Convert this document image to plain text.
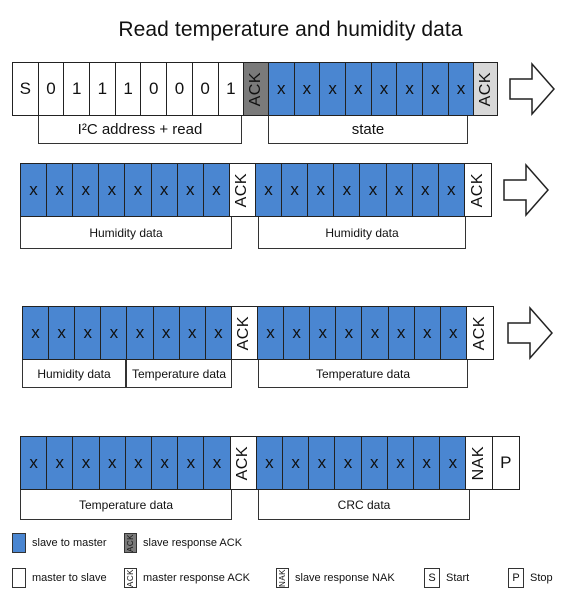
Read temperature and humidity data
S 0 1 1 1 0 0 0 1 ACK x	x	x	x	x	x	x	x ACK
I²C address + read	state
x	x	x	x	x	x	x	x ACK x	x	x	x	x	x	x	x ACK
Humidity data	Humidity data
x	x	x	x	x	x	x	x ACK x	x	x	x	x	x	x	x ACK
Humidity data	Temperature data	Temperature data
x	x	x	x	x	x	x	x ACK x	x	x	x	x	x	x	x NAK P
Temperature data	CRC data
slave to master ACK slave response ACK
master to slave ACK master response ACK	NAK slave response NAK	S Start	P Stop
